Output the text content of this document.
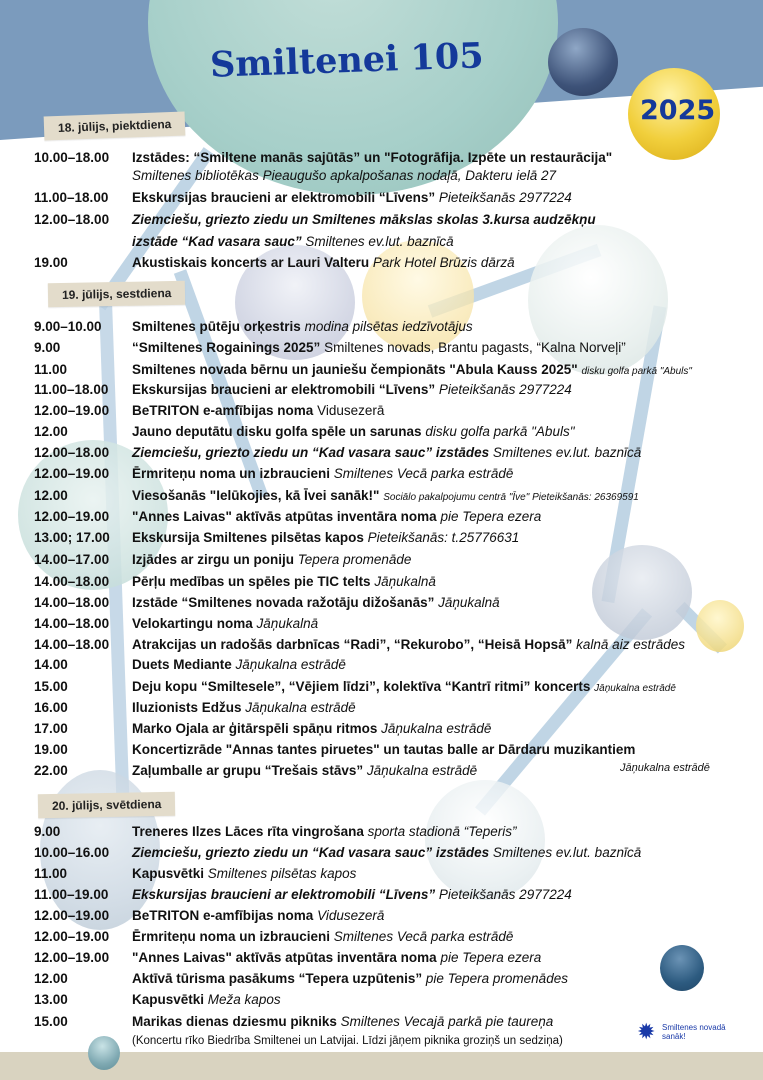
Smiltenei 105
2025
18. jūlijs, piektdiena
10.00–18.00	Izstādes: “Smiltene manās sajūtās” un "Fotogrāfija. Izpēte un restaurācija"
Smiltenes bibliotēkas Pieaugušo apkalpošanas nodaļā, Dakteru ielā 27
11.00–18.00	Ekskursijas braucieni ar elektromobili “Līvens” Pieteikšanās 2977224
12.00–18.00	Ziemciešu, griezto ziedu un Smiltenes mākslas skolas 3.kursa audzēkņu
izstāde “Kad vasara sauc” Smiltenes ev.lut. baznīcā
19.00	Akustiskais koncerts ar Lauri Valteru Park Hotel Brūzis dārzā
9.00–10.00	Smiltenes pūtēju orķestris modina pilsētas iedzīvotājus
9.00	“Smiltenes Rogainings 2025” Smiltenes novads, Brantu pagasts, “Kalna Norveļi”
11.00	Smiltenes novada bērnu un jauniešu čempionāts "Abula Kauss 2025" disku golfa parkā "Abuls"
11.00–18.00	Ekskursijas braucieni ar elektromobili “Līvens” Pieteikšanās 2977224
12.00–19.00	BeTRITON e-amfībijas noma Vidusezerā
12.00	Jauno deputātu disku golfa spēle un sarunas disku golfa parkā "Abuls"
12.00–18.00	Ziemciešu, griezto ziedu un “Kad vasara sauc” izstādes Smiltenes ev.lut. baznīcā
12.00–19.00	Ērmriteņu noma un izbraucieni Smiltenes Vecā parka estrādē
12.00	Viesošanās "Ielūkojies, kā Īvei sanāk!" Sociālo pakalpojumu centrā "Īve" Pieteikšanās: 26369591
12.00–19.00	"Annes Laivas" aktīvās atpūtas inventāra noma pie Tepera ezera
13.00; 17.00	Ekskursija Smiltenes pilsētas kapos Pieteikšanās: t.25776631
14.00–17.00	Izjādes ar zirgu un poniju Tepera promenāde
14.00–18.00	Pērļu medības un spēles pie TIC telts Jāņukalnā
14.00–18.00	Izstāde “Smiltenes novada ražotāju dižošanās” Jāņukalnā
14.00–18.00	Velokartingu noma Jāņukalnā
14.00–18.00	Atrakcijas un radošās darbnīcas “Radi”, “Rekurobo”, “Heisā Hopsā” kalnā aiz estrādes
14.00	Duets Mediante Jāņukalna estrādē
15.00	Deju kopu “Smiltesele”, “Vējiem līdzi”, kolektīva “Kantrī ritmi” koncerts Jāņukalna estrādē
16.00	Iluzionists Edžus Jāņukalna estrādē
17.00	Marko Ojala ar ģitārspēli spāņu ritmos Jāņukalna estrādē
19.00	Koncertizrāde "Annas tantes piruetes" un tautas balle ar Dārdaru muzikantiem
22.00	Zaļumballe ar grupu “Trešais stāvs” Jāņukalna estrādē
9.00	Treneres Ilzes Lāces rīta vingrošana sporta stadionā “Teperis”
10.00–16.00	Ziemciešu, griezto ziedu un “Kad vasara sauc” izstādes Smiltenes ev.lut. baznīcā
11.00	Kapusvētki Smiltenes pilsētas kapos
11.00–19.00	Ekskursijas braucieni ar elektromobili “Līvens” Pieteikšanās 2977224
12.00–19.00	BeTRITON e-amfībijas noma Vidusezerā
12.00–19.00	Ērmriteņu noma un izbraucieni Smiltenes Vecā parka estrādē
12.00–19.00	"Annes Laivas" aktīvās atpūtas inventāra noma pie Tepera ezera
12.00	Aktīvā tūrisma pasākums “Tepera uzpūtenis” pie Tepera promenādes
13.00	Kapusvētki Meža kapos
15.00	Marikas dienas dziesmu pikniks Smiltenes Vecajā parkā pie taureņa
19. jūlijs, sestdiena
20. jūlijs, svētdiena
Jāņukalna estrādē
(Koncertu rīko Biedrība Smiltenei un Latvijai. Līdzi jāņem piknika groziņš un sedziņa)	✹ Smiltenes novadā
sanāk!
